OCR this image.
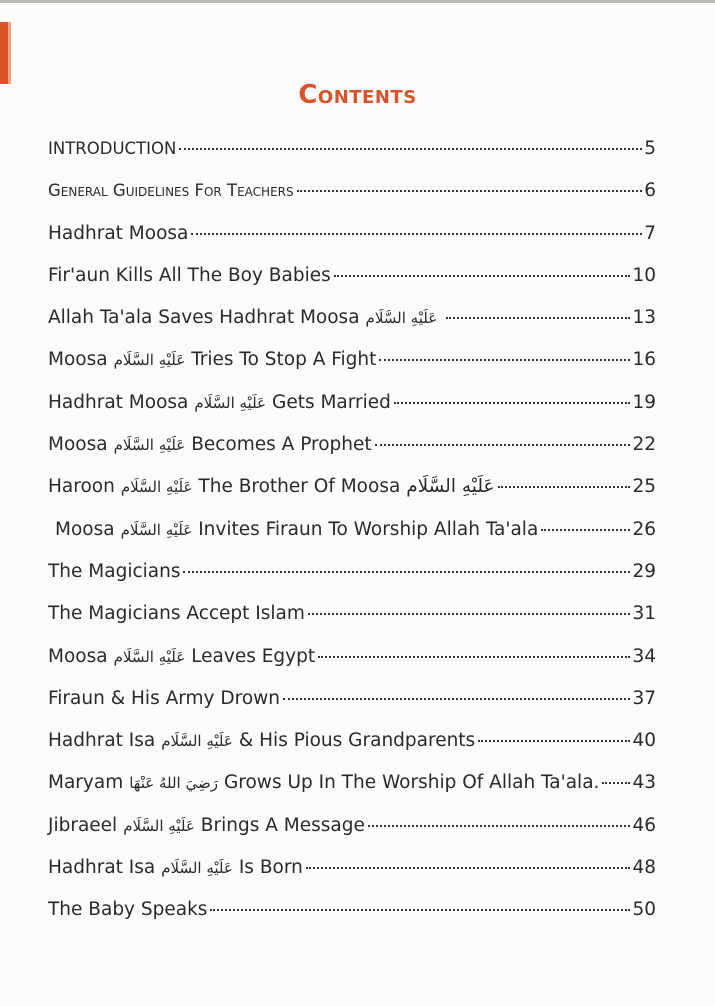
Contents
INTRODUCTION	5
General Guidelines For Teachers	6
Hadhrat Moosa	7
Fir'aun Kills All The Boy Babies	10
Allah Ta'ala Saves Hadhrat Moosa عَلَيْهِ السَّلَام	13
Moosa عَلَيْهِ السَّلَام Tries To Stop A Fight	16
Hadhrat Moosa عَلَيْهِ السَّلَام Gets Married	19
Moosa عَلَيْهِ السَّلَام Becomes A Prophet	22
Haroon عَلَيْهِ السَّلَام The Brother Of Moosa عَلَيْهِ السَّلَام	25
Moosa عَلَيْهِ السَّلَام Invites Firaun To Worship Allah Ta'ala	26
The Magicians	29
The Magicians Accept Islam	31
Moosa عَلَيْهِ السَّلَام Leaves Egypt	34
Firaun & His Army Drown	37
Hadhrat Isa عَلَيْهِ السَّلَام & His Pious Grandparents	40
Maryam رَضِيَ اللهُ عَنْهَا Grows Up In The Worship Of Allah Ta'ala. 43
Jibraeel عَلَيْهِ السَّلَام Brings A Message	46
Hadhrat Isa عَلَيْهِ السَّلَام Is Born	48
The Baby Speaks	50
